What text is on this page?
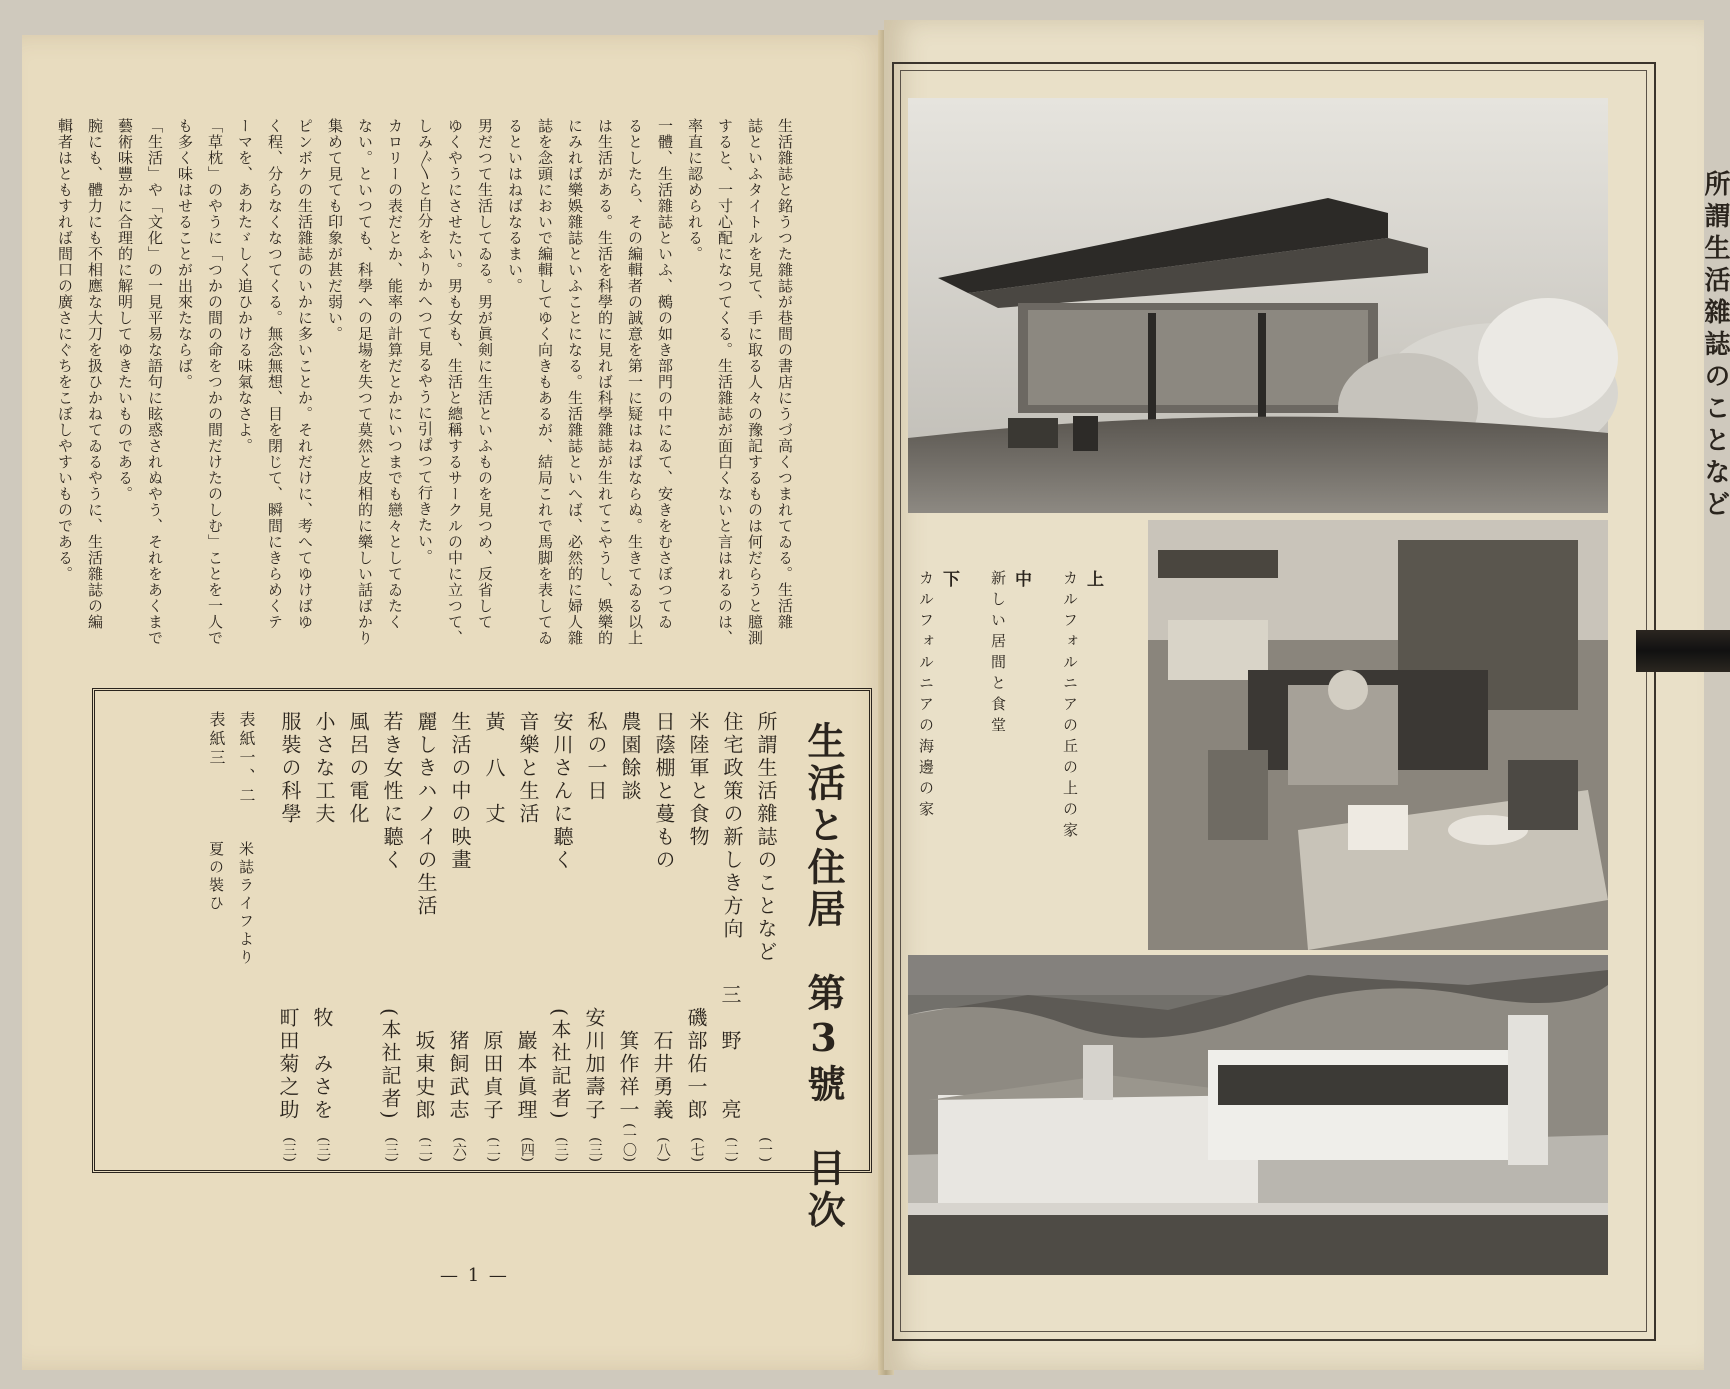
所謂生活雜誌のことなど
生活雜誌と銘うつた雜誌が巷間の書店にうづ高くつまれてゐる。生活雜
誌といふタイトルを見て、手に取る人々の豫記するものは何だらうと臆測
すると、一寸心配になつてくる。生活雜誌が面白くないと言はれるのは、
率直に認められる。
一體、生活雜誌といふ、鵺の如き部門の中にゐて、安きをむさぼつてゐ
るとしたら、その編輯者の誠意を第一に疑はねばならぬ。生きてゐる以上
は生活がある。生活を科學的に見れば科學雜誌が生れてこやうし、娛樂的
にみれば樂娛雜誌といふことになる。生活雜誌といへば、必然的に婦人雜
誌を念頭においで編輯してゆく向きもあるが、結局これで馬脚を表してゐ
るといはねばなるまい。
男だつて生活してゐる。男が眞剣に生活といふものを見つめ、反省して
ゆくやうにさせたい。男も女も、生活と總稱するサークルの中に立つて、
しみ〴〵と自分をふりかへつて見るやうに引ぱつて行きたい。
カロリーの表だとか、能率の計算だとかにいつまでも戀々としてゐたく
ない。といつても、科學への足場を失つて莫然と皮相的に樂しい話ばかり
集めて見ても印象が甚だ弱い。
ピンボケの生活雜誌のいかに多いことか。それだけに、考へてゆけばゆ
く程、分らなくなつてくる。無念無想、目を閉じて、瞬間にきらめくテ
ーマを、あわたゞしく追ひかける味氣なさよ。
「草枕」のやうに「つかの間の命をつかの間だけたのしむ」ことを一人で
も多く味はせることが出來たならば。
「生活」や「文化」の一見平易な語句に眩惑されぬやう、それをあくまで
藝術味豐かに合理的に解明してゆきたいものである。
腕にも、體力にも不相應な大刀を扱ひかねてゐるやうに、生活雜誌の編
輯者はともすれば間口の廣さにぐちをこぼしやすいものである。
生活と住居　第3號　目次
所謂生活雜誌のことなど
(一)
住宅政策の新しき方向
三　野　　亮
(二)
米陸軍と食物
磯部佑一郎
(七)
日蔭棚と蔓もの
石井勇義
(八)
農園餘談
箕作祥一
(一〇)
私の一日
安川加壽子
(三)
安川さんに聽く
(本社記者)
(三)
音樂と生活
巖本眞理
(四)
黃　八　丈
原田貞子
(二)
生活の中の映畫
猪飼武志
(六)
麗しきハノイの生活
坂東史郎
(二)
若き女性に聽く
(本社記者)
(三)
風呂の電化
小さな工夫
牧　みさを
(三)
服裝の科學
町田菊之助
(三)
表紙一、二
米誌ライフより
表紙三
夏の裝ひ
— 1 —
上
カルフォルニアの丘の上の家
中
新しい居間と食堂
下
カルフォルニアの海邊の家
